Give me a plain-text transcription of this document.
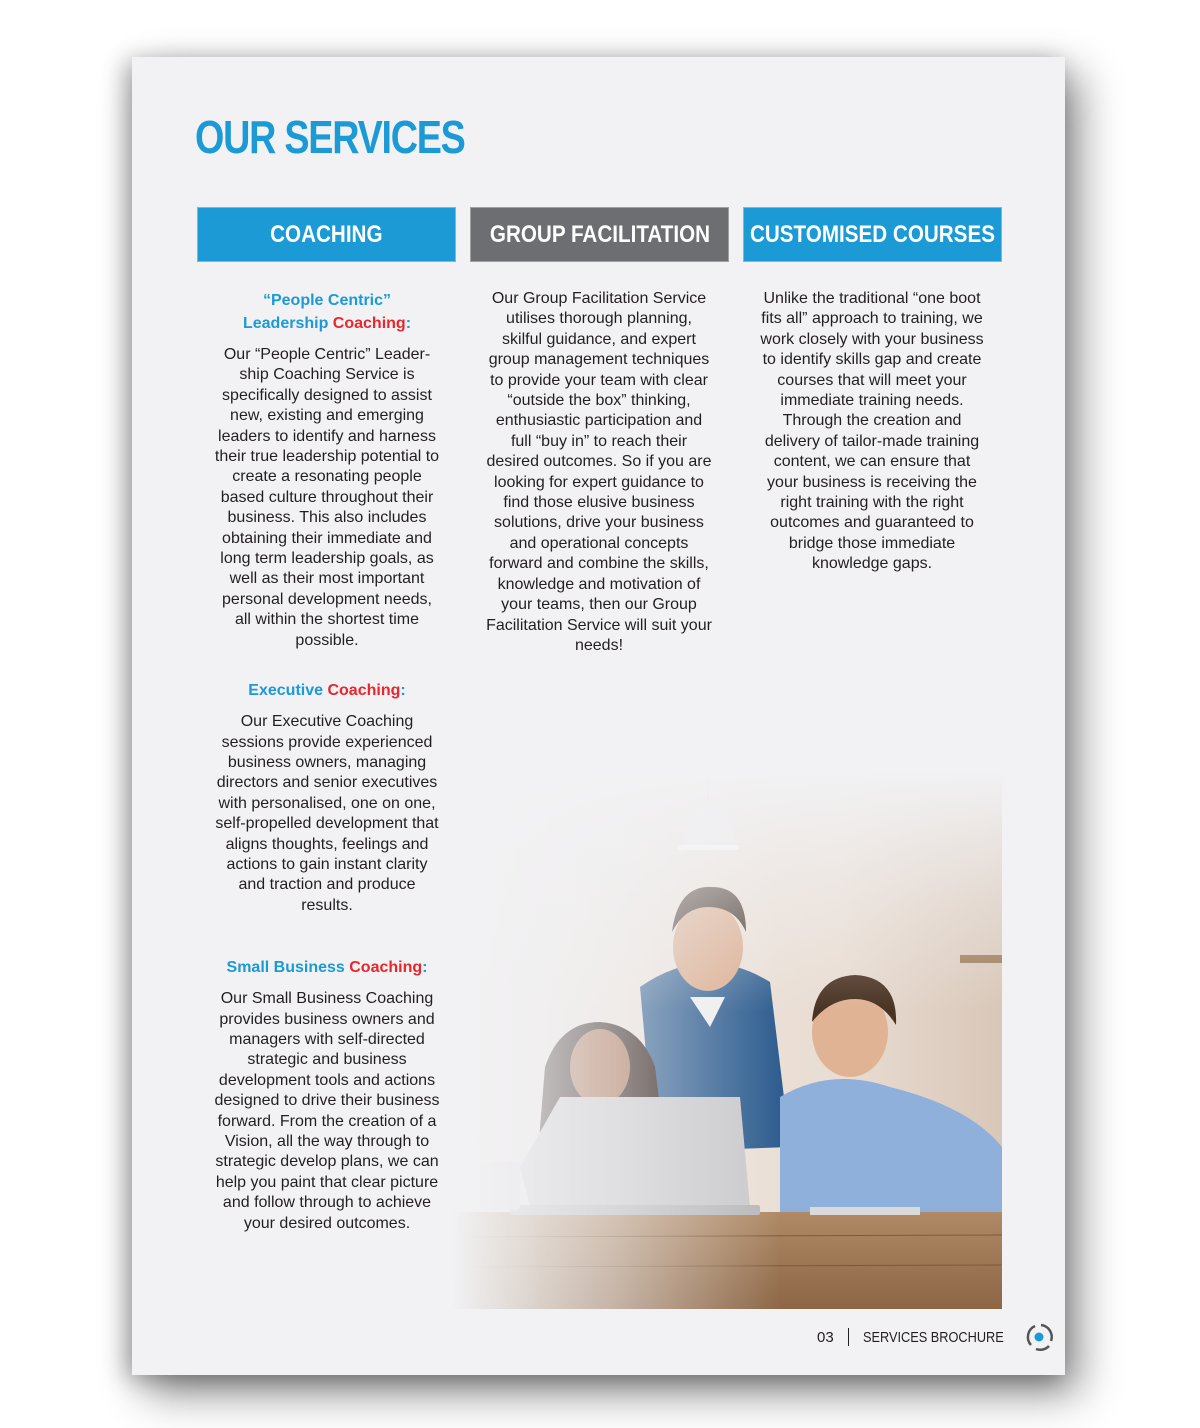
OUR SERVICES
COACHING	GROUP FACILITATION CUSTOMISED COURSES
“People Centric”
Leadership Coaching:

Our “People Centric” Leader-ship Coaching Service is specifically designed to assist new, existing and emerging leaders to identify and harness their true leadership potential to create a resonating people based culture throughout their business. This also includes obtaining their immediate and long term leadership goals, as well as their most important personal development needs, all within the shortest time possible.

Executive Coaching:

Our Executive Coaching sessions provide experienced business owners, managing directors and senior executives with personalised, one on one, self-propelled development that aligns thoughts, feelings and actions to gain instant clarity and traction and produce results.

Small Business Coaching:

Our Small Business Coaching provides business owners and managers with self-directed strategic and business development tools and actions designed to drive their business forward. From the creation of a Vision, all the way through to strategic develop plans, we can help you paint that clear picture and follow through to achieve your desired outcomes.

Our Group Facilitation Service utilises thorough planning, skilful guidance, and expert group management techniques to provide your team with clear “outside the box” thinking, enthusiastic participation and full “buy in” to reach their desired outcomes. So if you are looking for expert guidance to find those elusive business solutions, drive your business and operational concepts forward and combine the skills, knowledge and motivation of your teams, then our Group Facilitation Service will suit your needs!

Unlike the traditional “one boot fits all” approach to training, we work closely with your business to identify skills gap and create courses that will meet your immediate training needs. Through the creation and delivery of tailor-made training content, we can ensure that your business is receiving the right training with the right outcomes and guaranteed to bridge those immediate knowledge gaps.

03 SERVICES BROCHURE
